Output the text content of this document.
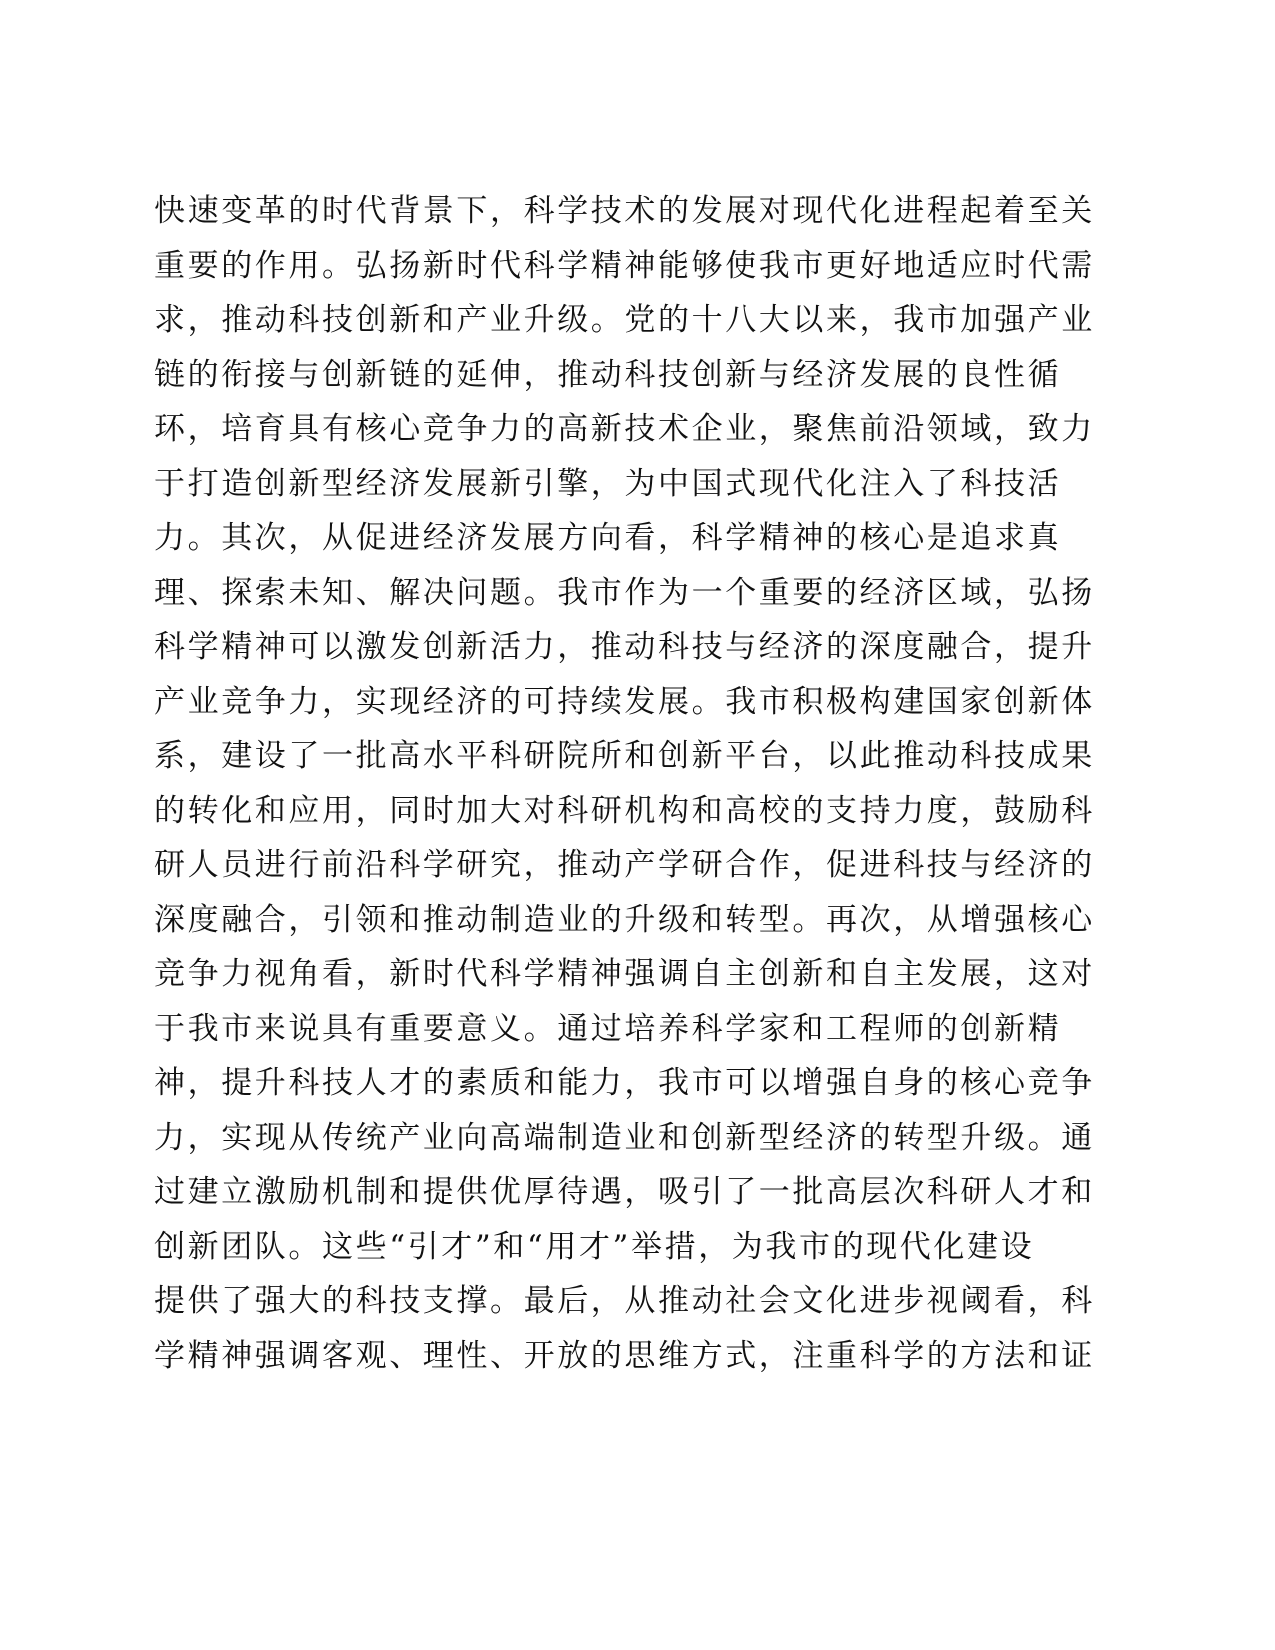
快速变革的时代背景下，科学技术的发展对现代化进程起着至关
重要的作用。弘扬新时代科学精神能够使我市更好地适应时代需
求，推动科技创新和产业升级。党的十八大以来，我市加强产业
链的衔接与创新链的延伸，推动科技创新与经济发展的良性循
环，培育具有核心竞争力的高新技术企业，聚焦前沿领域，致力
于打造创新型经济发展新引擎，为中国式现代化注入了科技活
力。其次，从促进经济发展方向看，科学精神的核心是追求真
理、探索未知、解决问题。我市作为一个重要的经济区域，弘扬
科学精神可以激发创新活力，推动科技与经济的深度融合，提升
产业竞争力，实现经济的可持续发展。我市积极构建国家创新体
系，建设了一批高水平科研院所和创新平台，以此推动科技成果
的转化和应用，同时加大对科研机构和高校的支持力度，鼓励科
研人员进行前沿科学研究，推动产学研合作，促进科技与经济的
深度融合，引领和推动制造业的升级和转型。再次，从增强核心
竞争力视角看，新时代科学精神强调自主创新和自主发展，这对
于我市来说具有重要意义。通过培养科学家和工程师的创新精
神，提升科技人才的素质和能力，我市可以增强自身的核心竞争
力，实现从传统产业向高端制造业和创新型经济的转型升级。通
过建立激励机制和提供优厚待遇，吸引了一批高层次科研人才和
创新团队。这些“引才”和“用才”举措，为我市的现代化建设
提供了强大的科技支撑。最后，从推动社会文化进步视阈看，科
学精神强调客观、理性、开放的思维方式，注重科学的方法和证
